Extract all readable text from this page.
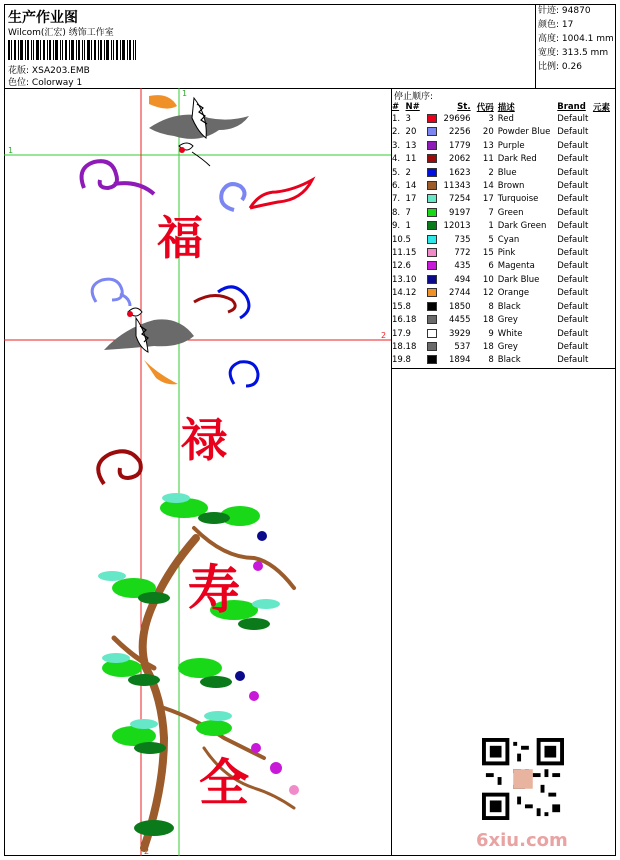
生产作业图
Wilcom(汇宏) 绣饰工作室
花版: XSA203.EMB
色位: Colorway 1
针迹: 94870
颜色: 17
高度: 1004.1 mm
宽度: 313.5 mm
比例: 0.26
1
1
2
2
福
禄
寿
全
停止顺序:
#	N#		St.	代码	描述	Brand	元素
1.	3		29696	3	Red	Default	
2.	20		2256	20	Powder Blue	Default	
3.	13		1779	13	Purple	Default	
4.	11		2062	11	Dark Red	Default	
5.	2		1623	2	Blue	Default	
6.	14		11343	14	Brown	Default	
7.	17		7254	17	Turquoise	Default	
8.	7		9197	7	Green	Default	
9.	1		12013	1	Dark Green	Default	
10.	5		735	5	Cyan	Default	
11.	15		772	15	Pink	Default	
12.	6		435	6	Magenta	Default	
13.	10		494	10	Dark Blue	Default	
14.	12		2744	12	Orange	Default	
15.	8		1850	8	Black	Default	
16.	18		4455	18	Grey	Default	
17.	9		3929	9	White	Default	
18.	18		537	18	Grey	Default	
19.	8		1894	8	Black	Default	
6xiu.com
